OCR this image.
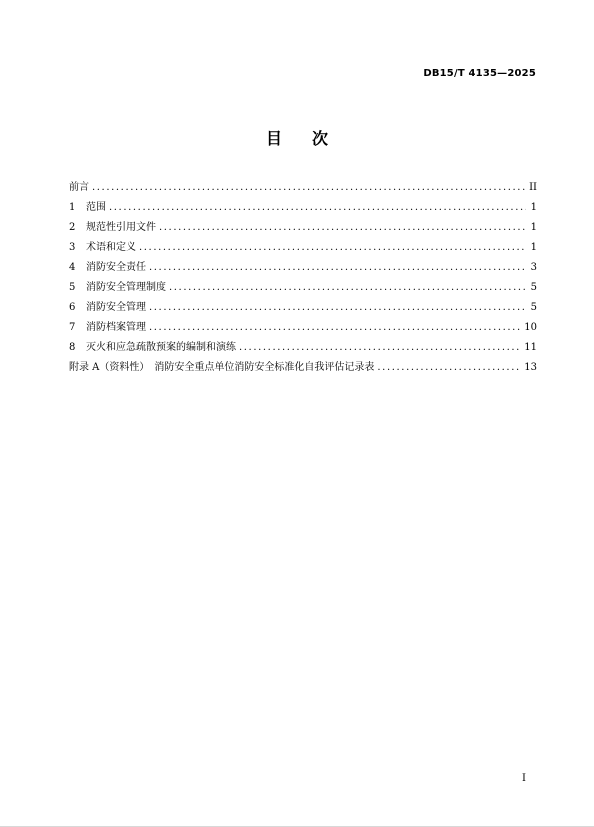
DB15/T 4135—2025
目次
前言 .....	II
1	范围 .....	1
2	规范性引用文件 .....	1
3	术语和定义 .....	1
4	消防安全责任 .....	3
5	消防安全管理制度 .....	5
6	消防安全管理 .....	5
7	消防档案管理 .....	10
8	灭火和应急疏散预案的编制和演练 .....	11
附录 A（资料性）　消防安全重点单位消防安全标准化自我评估记录表 .....	13
I
